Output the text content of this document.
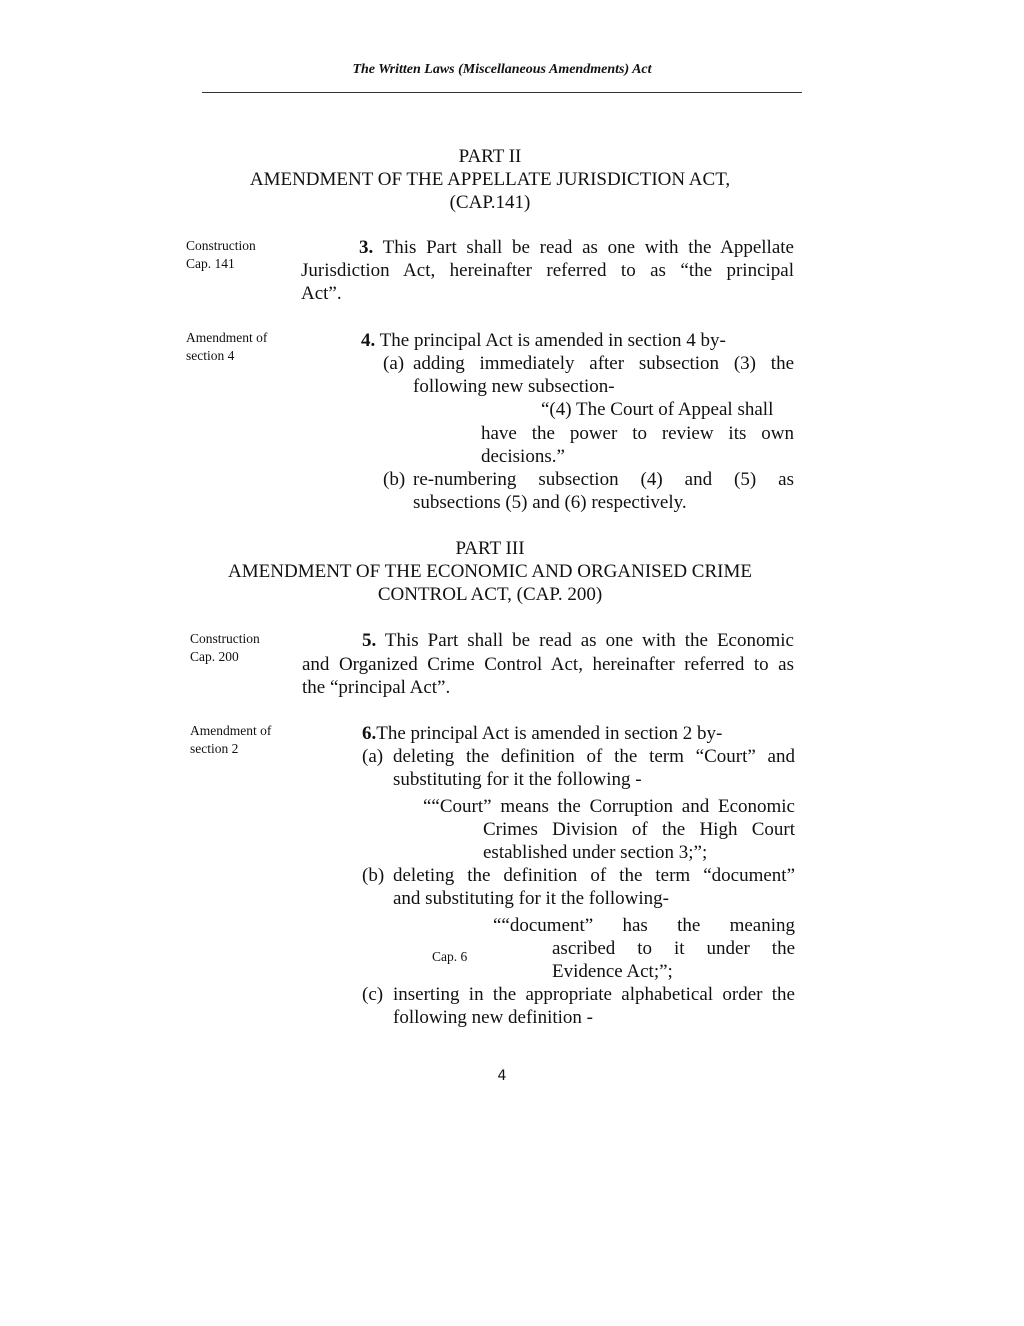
The Written Laws (Miscellaneous Amendments) Act
PART II
AMENDMENT OF THE APPELLATE JURISDICTION ACT,
(CAP.141)
Construction
Cap. 141
3. This Part shall be read as one with the Appellate
Jurisdiction Act, hereinafter referred to as “the principal
Act”.
Amendment of
section 4
4. The principal Act is amended in section 4 by-
(a) adding immediately after subsection (3) the
following new subsection-
“(4) The Court of Appeal shall
have the power to review its own
decisions.”
(b) re-numbering subsection (4) and (5) as
subsections (5) and (6) respectively.
PART III
AMENDMENT OF THE ECONOMIC AND ORGANISED CRIME
CONTROL ACT, (CAP. 200)
Construction
Cap. 200
5. This Part shall be read as one with the Economic
and Organized Crime Control Act, hereinafter referred to as
the “principal Act”.
Amendment of
section 2
6.The principal Act is amended in section 2 by-
(a) deleting the definition of the term “Court” and
substituting for it the following -
““Court” means the Corruption and Economic
Crimes Division of the High Court
established under section 3;”;
(b) deleting the definition of the term “document”
and substituting for it the following-
““document” has the meaning
ascribed to it under the
Evidence Act;”;
Cap. 6
(c) inserting in the appropriate alphabetical order the
following new definition -
4
